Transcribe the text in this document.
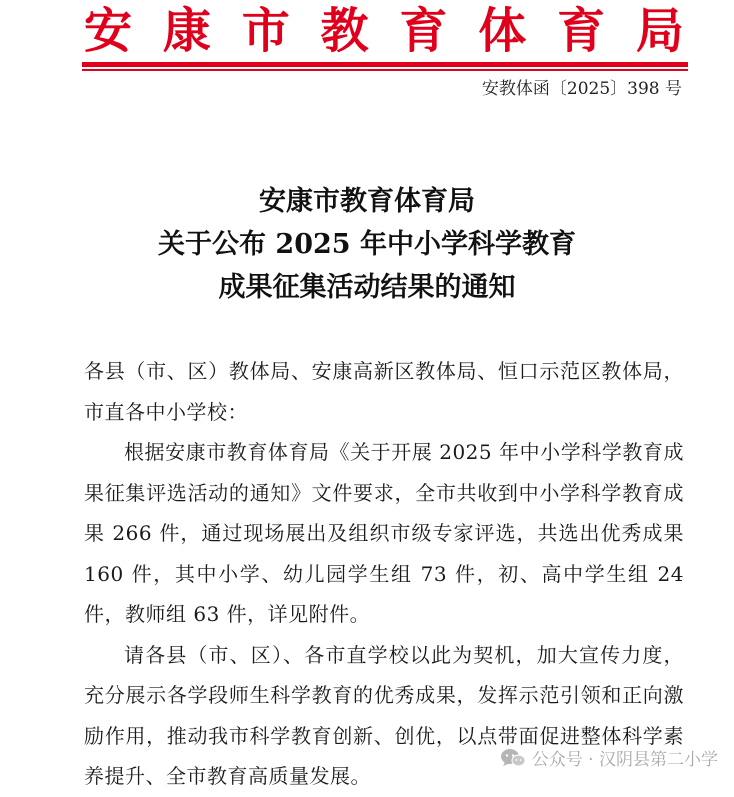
安 康 市 教 育 体 育 局
安教体函〔2025〕398 号
安康市教育体育局
关于公布 2025 年中小学科学教育
成果征集活动结果的通知

各县（市、区）教体局、安康高新区教体局、恒口示范区教体局，市直各中小学校：

根据安康市教育体育局《关于开展 2025 年中小学科学教育成果征集评选活动的通知》文件要求，全市共收到中小学科学教育成果 266 件，通过现场展出及组织市级专家评选，共选出优秀成果 160 件，其中小学、幼儿园学生组 73 件，初、高中学生组 24 件，教师组 63 件，详见附件。

请各县（市、区）、各市直学校以此为契机，加大宣传力度，充分展示各学段师生科学教育的优秀成果，发挥示范引领和正向激励作用，推动我市科学教育创新、创优，以点带面促进整体科学素养提升、全市教育高质量发展。

公众号 · 汉阴县第二小学
